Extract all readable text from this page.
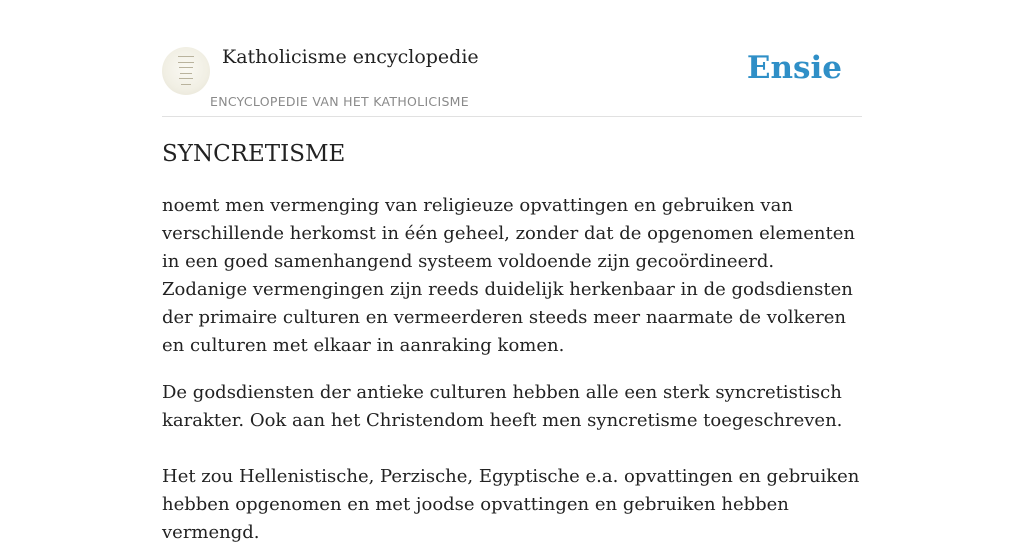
Katholicisme encyclopedie
ENCYCLOPEDIE VAN HET KATHOLICISME
Ensie
SYNCRETISME

noemt men vermenging van religieuze opvattingen en gebruiken van verschillende herkomst in één geheel, zonder dat de opgenomen elementen in een goed samenhangend systeem voldoende zijn gecoördineerd. Zodanige vermengingen zijn reeds duidelijk herkenbaar in de godsdiensten der primaire culturen en vermeerderen steeds meer naarmate de volkeren en culturen met elkaar in aanraking komen.

De godsdiensten der antieke culturen hebben alle een sterk syncretistisch karakter. Ook aan het Christendom heeft men syncretisme toegeschreven.

Het zou Hellenistische, Perzische, Egyptische e.a. opvattingen en gebruiken hebben opgenomen en met joodse opvattingen en gebruiken hebben vermengd.
